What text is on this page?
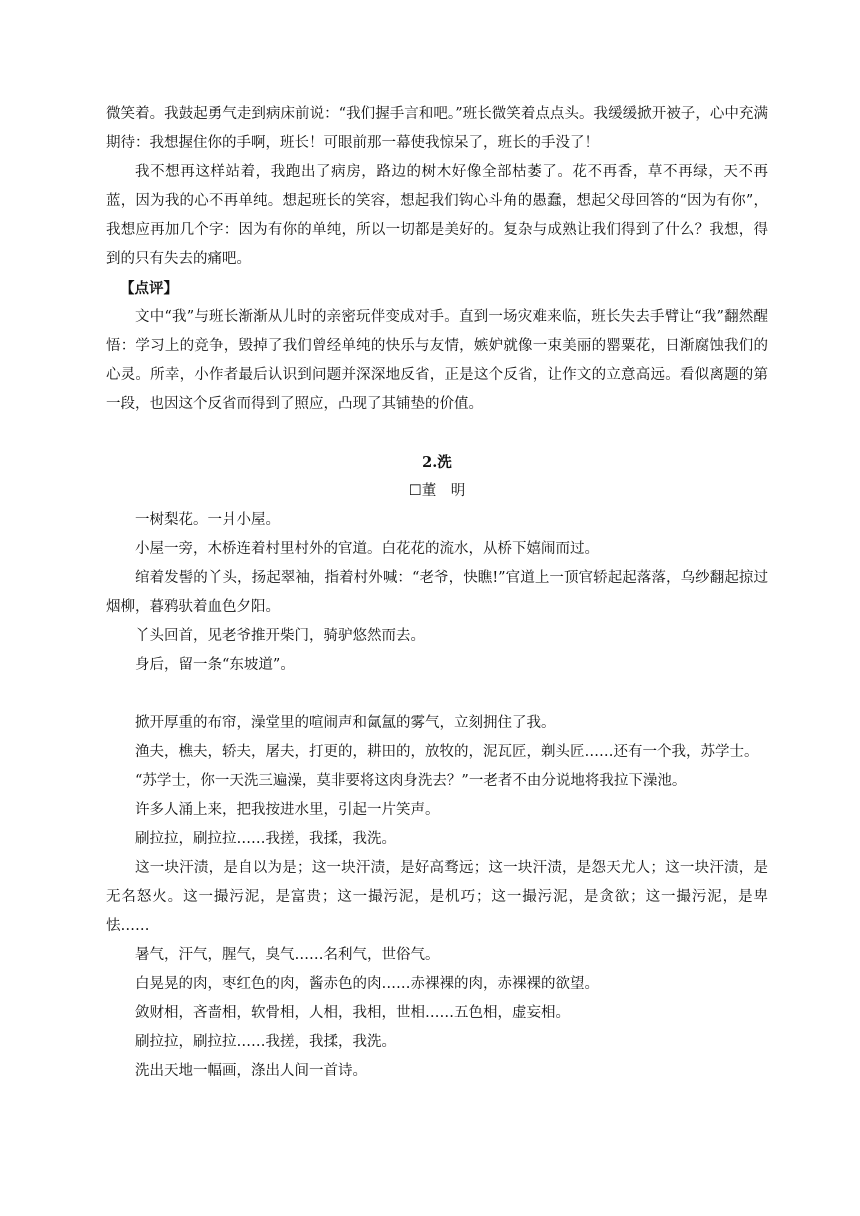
微笑着。我鼓起勇气走到病床前说：“我们握手言和吧。”班长微笑着点点头。我缓缓掀开被子，心中充满期待：我想握住你的手啊，班长！可眼前那一幕使我惊呆了，班长的手没了！

我不想再这样站着，我跑出了病房，路边的树木好像全部枯萎了。花不再香，草不再绿，天不再蓝，因为我的心不再单纯。想起班长的笑容，想起我们钩心斗角的愚蠢，想起父母回答的“因为有你”，我想应再加几个字：因为有你的单纯，所以一切都是美好的。复杂与成熟让我们得到了什么？我想，得到的只有失去的痛吧。

【点评】

文中“我”与班长渐渐从儿时的亲密玩伴变成对手。直到一场灾难来临，班长失去手臂让“我”翻然醒悟：学习上的竞争，毁掉了我们曾经单纯的快乐与友情，嫉妒就像一束美丽的罂粟花，日渐腐蚀我们的心灵。所幸，小作者最后认识到问题并深深地反省，正是这个反省，让作文的立意高远。看似离题的第一段，也因这个反省而得到了照应，凸现了其铺垫的价值。

2.洗

☐董　明

一树梨花。一爿小屋。

小屋一旁，木桥连着村里村外的官道。白花花的流水，从桥下嬉闹而过。

绾着发髻的丫头，扬起翠袖，指着村外喊：“老爷，快瞧!”官道上一顶官轿起起落落，乌纱翻起掠过烟柳，暮鸦驮着血色夕阳。

丫头回首，见老爷推开柴门，骑驴悠然而去。

身后，留一条“东坡道”。

掀开厚重的布帘，澡堂里的喧闹声和氤氲的雾气，立刻拥住了我。

渔夫，樵夫，轿夫，屠夫，打更的，耕田的，放牧的，泥瓦匠，剃头匠……还有一个我，苏学士。

“苏学士，你一天洗三遍澡，莫非要将这肉身洗去？”一老者不由分说地将我拉下澡池。

许多人涌上来，把我按进水里，引起一片笑声。

刷拉拉，刷拉拉……我搓，我揉，我洗。

这一块汗渍，是自以为是；这一块汗渍，是好高骛远；这一块汗渍，是怨天尤人；这一块汗渍，是无名怒火。这一撮污泥，是富贵；这一撮污泥，是机巧；这一撮污泥，是贪欲；这一撮污泥，是卑怯……

暑气，汗气，腥气，臭气……名利气，世俗气。

白晃晃的肉，枣红色的肉，酱赤色的肉……赤裸裸的肉，赤裸裸的欲望。

敛财相，吝啬相，软骨相，人相，我相，世相……五色相，虚妄相。

刷拉拉，刷拉拉……我搓，我揉，我洗。

洗出天地一幅画，涤出人间一首诗。
